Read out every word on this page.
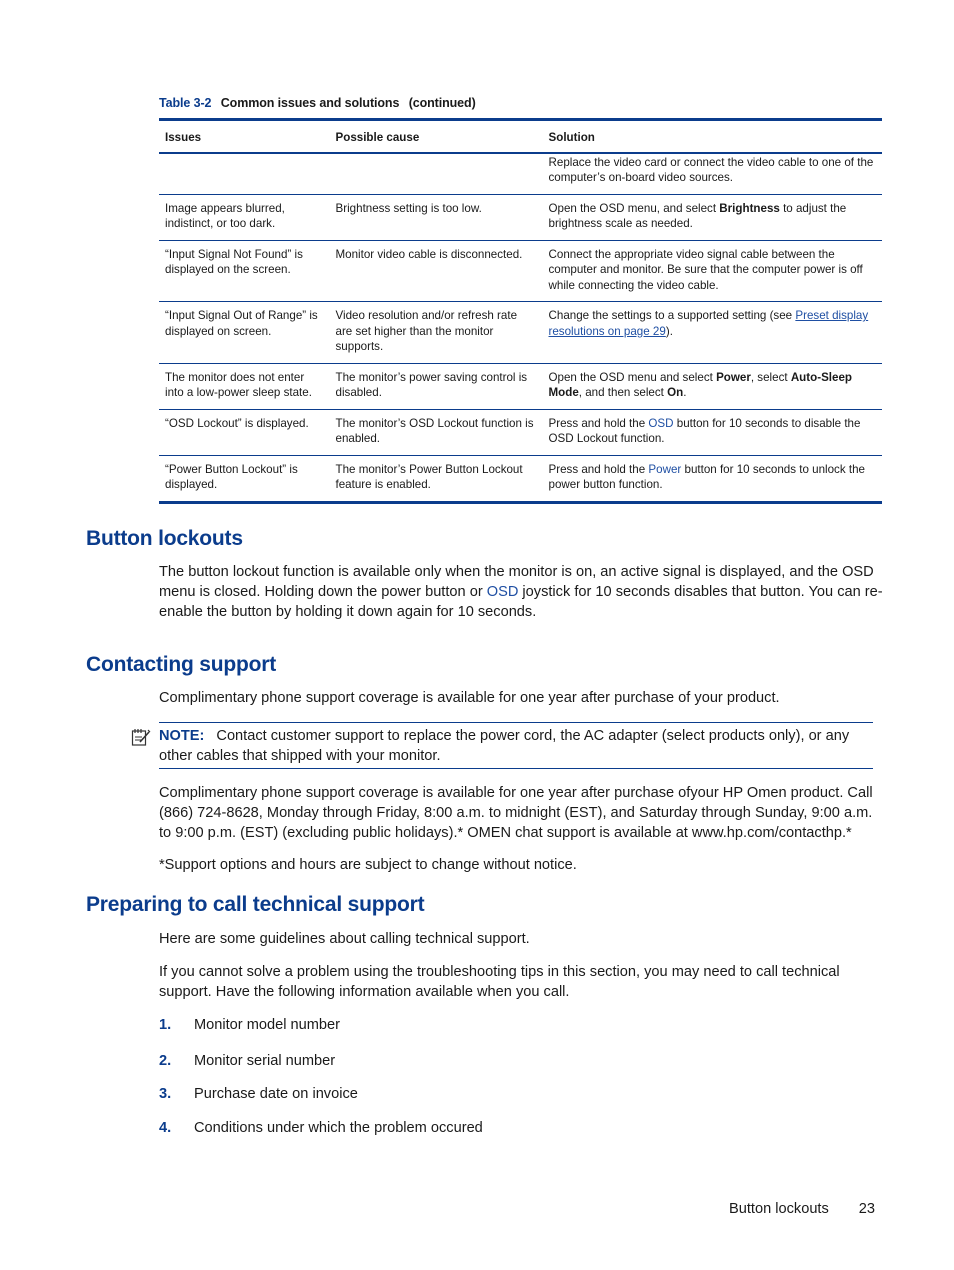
Table 3-2 Common issues and solutions (continued)
Issues	Possible cause	Solution
		Replace the video card or connect the video cable to one of the computer’s on-board video sources.
Image appears blurred, indistinct, or too dark.	Brightness setting is too low.	Open the OSD menu, and select Brightness to adjust the brightness scale as needed.
“Input Signal Not Found” is displayed on the screen.	Monitor video cable is disconnected.	Connect the appropriate video signal cable between the computer and monitor. Be sure that the computer power is off while connecting the video cable.
“Input Signal Out of Range” is displayed on screen.	Video resolution and/or refresh rate are set higher than the monitor supports.	Change the settings to a supported setting (see Preset display resolutions on page 29).
The monitor does not enter into a low-power sleep state.	The monitor’s power saving control is disabled.	Open the OSD menu and select Power, select Auto-Sleep Mode, and then select On.
“OSD Lockout” is displayed.	The monitor’s OSD Lockout function is enabled.	Press and hold the OSD button for 10 seconds to disable the OSD Lockout function.
“Power Button Lockout” is displayed.	The monitor’s Power Button Lockout feature is enabled.	Press and hold the Power button for 10 seconds to unlock the power button function.
Button lockouts
The button lockout function is available only when the monitor is on, an active signal is displayed, and the OSD menu is closed. Holding down the power button or OSD joystick for 10 seconds disables that button. You can re-enable the button by holding it down again for 10 seconds.
Contacting support
Complimentary phone support coverage is available for one year after purchase of your product.
NOTE: Contact customer support to replace the power cord, the AC adapter (select products only), or any other cables that shipped with your monitor.
Complimentary phone support coverage is available for one year after purchase ofyour HP Omen product. Call (866) 724-8628, Monday through Friday, 8:00 a.m. to midnight (EST), and Saturday through Sunday, 9:00 a.m. to 9:00 p.m. (EST) (excluding public holidays).* OMEN chat support is available at www.hp.com/contacthp.*
*Support options and hours are subject to change without notice.
Preparing to call technical support
Here are some guidelines about calling technical support.
If you cannot solve a problem using the troubleshooting tips in this section, you may need to call technical support. Have the following information available when you call.
1. Monitor model number
2. Monitor serial number
3. Purchase date on invoice
4. Conditions under which the problem occured
Button lockouts 23
